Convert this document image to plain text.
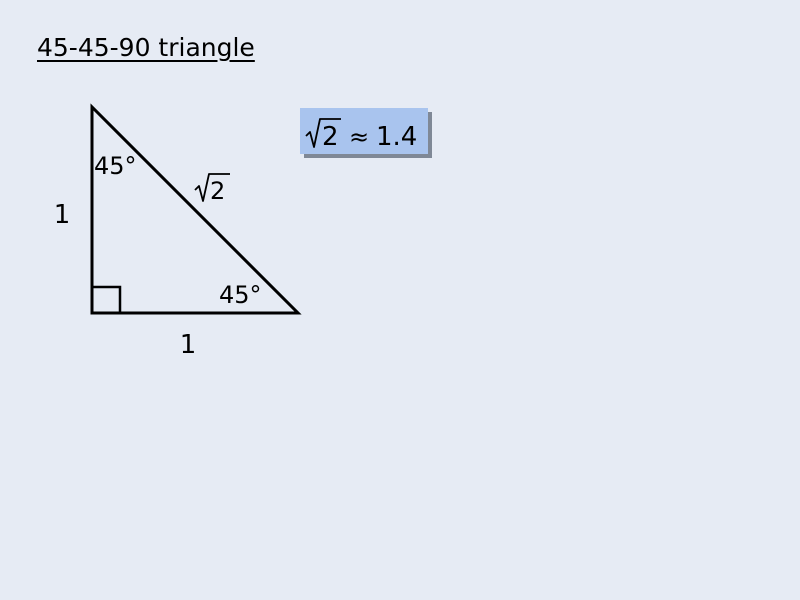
45-45-90 triangle
1
1
45°
45°
2
2 ≈ 1.4
